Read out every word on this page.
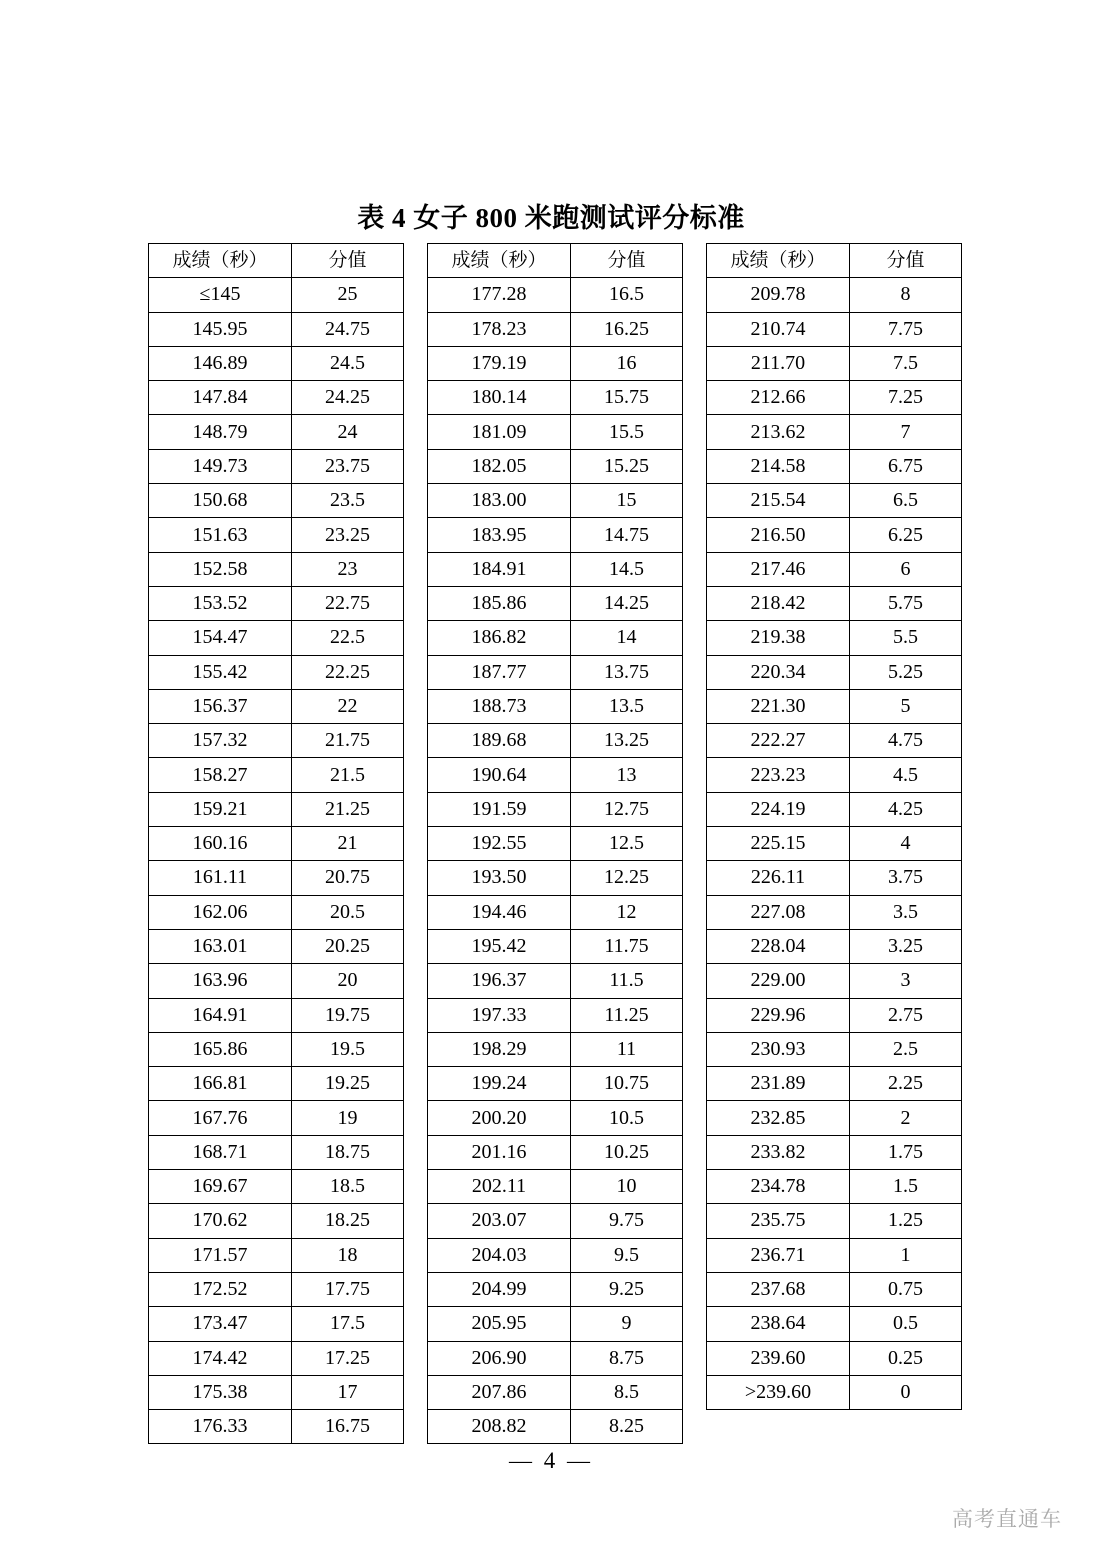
表 4 女子 800 米跑测试评分标准
成绩（秒）	分值
≤145	25
145.95	24.75
146.89	24.5
147.84	24.25
148.79	24
149.73	23.75
150.68	23.5
151.63	23.25
152.58	23
153.52	22.75
154.47	22.5
155.42	22.25
156.37	22
157.32	21.75
158.27	21.5
159.21	21.25
160.16	21
161.11	20.75
162.06	20.5
163.01	20.25
163.96	20
164.91	19.75
165.86	19.5
166.81	19.25
167.76	19
168.71	18.75
169.67	18.5
170.62	18.25
171.57	18
172.52	17.75
173.47	17.5
174.42	17.25
175.38	17
176.33	16.75
成绩（秒）	分值
177.28	16.5
178.23	16.25
179.19	16
180.14	15.75
181.09	15.5
182.05	15.25
183.00	15
183.95	14.75
184.91	14.5
185.86	14.25
186.82	14
187.77	13.75
188.73	13.5
189.68	13.25
190.64	13
191.59	12.75
192.55	12.5
193.50	12.25
194.46	12
195.42	11.75
196.37	11.5
197.33	11.25
198.29	11
199.24	10.75
200.20	10.5
201.16	10.25
202.11	10
203.07	9.75
204.03	9.5
204.99	9.25
205.95	9
206.90	8.75
207.86	8.5
208.82	8.25
成绩（秒）	分值
209.78	8
210.74	7.75
211.70	7.5
212.66	7.25
213.62	7
214.58	6.75
215.54	6.5
216.50	6.25
217.46	6
218.42	5.75
219.38	5.5
220.34	5.25
221.30	5
222.27	4.75
223.23	4.5
224.19	4.25
225.15	4
226.11	3.75
227.08	3.5
228.04	3.25
229.00	3
229.96	2.75
230.93	2.5
231.89	2.25
232.85	2
233.82	1.75
234.78	1.5
235.75	1.25
236.71	1
237.68	0.75
238.64	0.5
239.60	0.25
>239.60	0
— 4 —
高考直通车
